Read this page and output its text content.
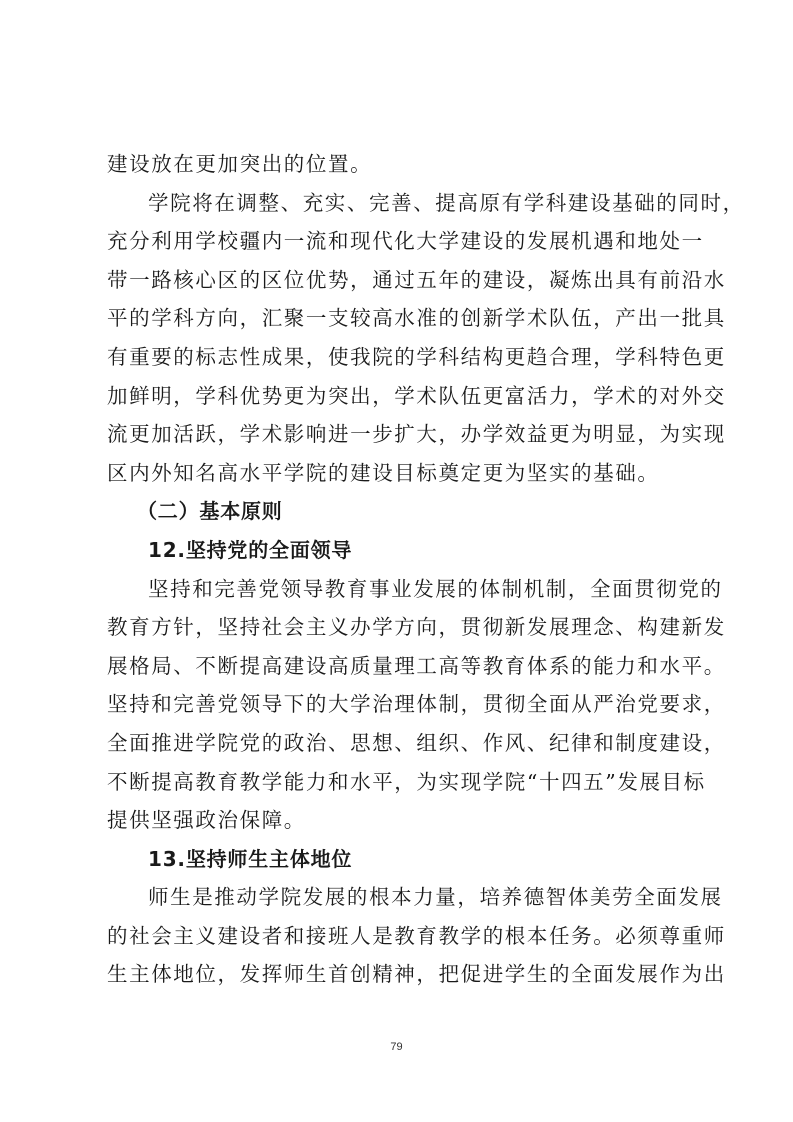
建设放在更加突出的位置。
学院将在调整、充实、完善、提高原有学科建设基础的同时，
充分利用学校疆内一流和现代化大学建设的发展机遇和地处一
带一路核心区的区位优势，通过五年的建设，凝炼出具有前沿水
平的学科方向，汇聚一支较高水准的创新学术队伍，产出一批具
有重要的标志性成果，使我院的学科结构更趋合理，学科特色更
加鲜明，学科优势更为突出，学术队伍更富活力，学术的对外交
流更加活跃，学术影响进一步扩大，办学效益更为明显，为实现
区内外知名高水平学院的建设目标奠定更为坚实的基础。
（二）基本原则
12.坚持党的全面领导
坚持和完善党领导教育事业发展的体制机制，全面贯彻党的
教育方针，坚持社会主义办学方向，贯彻新发展理念、构建新发
展格局、不断提高建设高质量理工高等教育体系的能力和水平。
坚持和完善党领导下的大学治理体制，贯彻全面从严治党要求，
全面推进学院党的政治、思想、组织、作风、纪律和制度建设，
不断提高教育教学能力和水平，为实现学院“十四五”发展目标
提供坚强政治保障。
13.坚持师生主体地位
师生是推动学院发展的根本力量，培养德智体美劳全面发展
的社会主义建设者和接班人是教育教学的根本任务。必须尊重师
生主体地位，发挥师生首创精神，把促进学生的全面发展作为出
79
